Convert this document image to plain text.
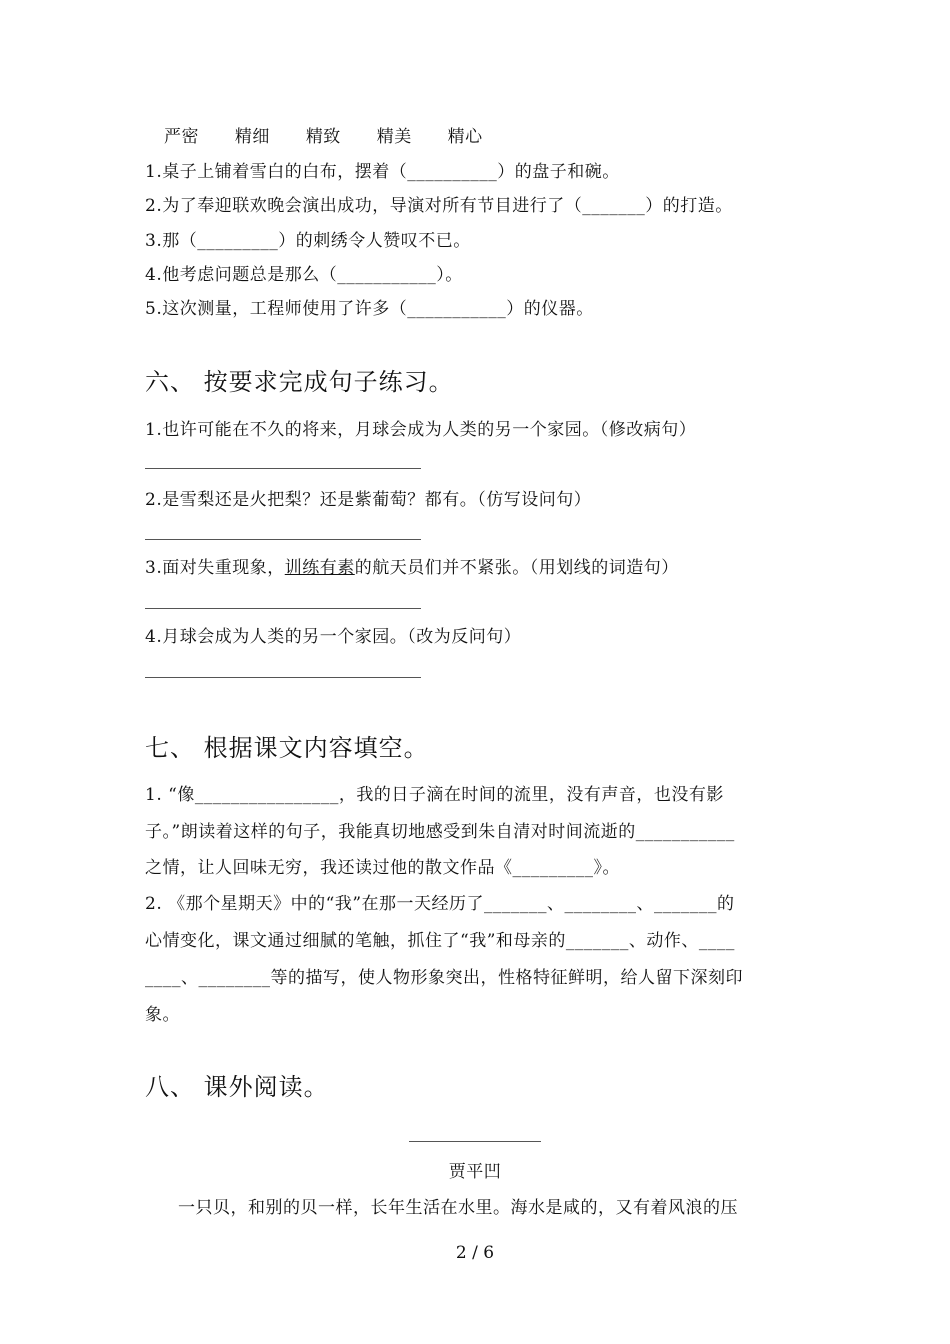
严密 精细 精致 精美 精心
1.桌子上铺着雪白的白布，摆着（__________）的盘子和碗。
2.为了奉迎联欢晚会演出成功，导演对所有节目进行了（_______）的打造。
3.那（_________）的刺绣令人赞叹不已。
4.他考虑问题总是那么（___________）。
5.这次测量，工程师使用了许多（___________）的仪器。
六、 按要求完成句子练习。
1.也许可能在不久的将来，月球会成为人类的另一个家园。（修改病句）
2.是雪梨还是火把梨？还是紫葡萄？都有。（仿写设问句）
3.面对失重现象，训练有素的航天员们并不紧张。（用划线的词造句）
4.月球会成为人类的另一个家园。（改为反问句）
七、 根据课文内容填空。
1. “像________________，我的日子滴在时间的流里，没有声音，也没有影
子。”朗读着这样的句子，我能真切地感受到朱自清对时间流逝的___________
之情，让人回味无穷，我还读过他的散文作品《_________》。
2. 《那个星期天》中的“我”在那一天经历了_______、________、_______的
心情变化，课文通过细腻的笔触，抓住了“我”和母亲的_______、动作、____
____、________等的描写，使人物形象突出，性格特征鲜明，给人留下深刻印
象。
八、 课外阅读。
贾平凹
一只贝，和别的贝一样，长年生活在水里。海水是咸的，又有着风浪的压
2 / 6
